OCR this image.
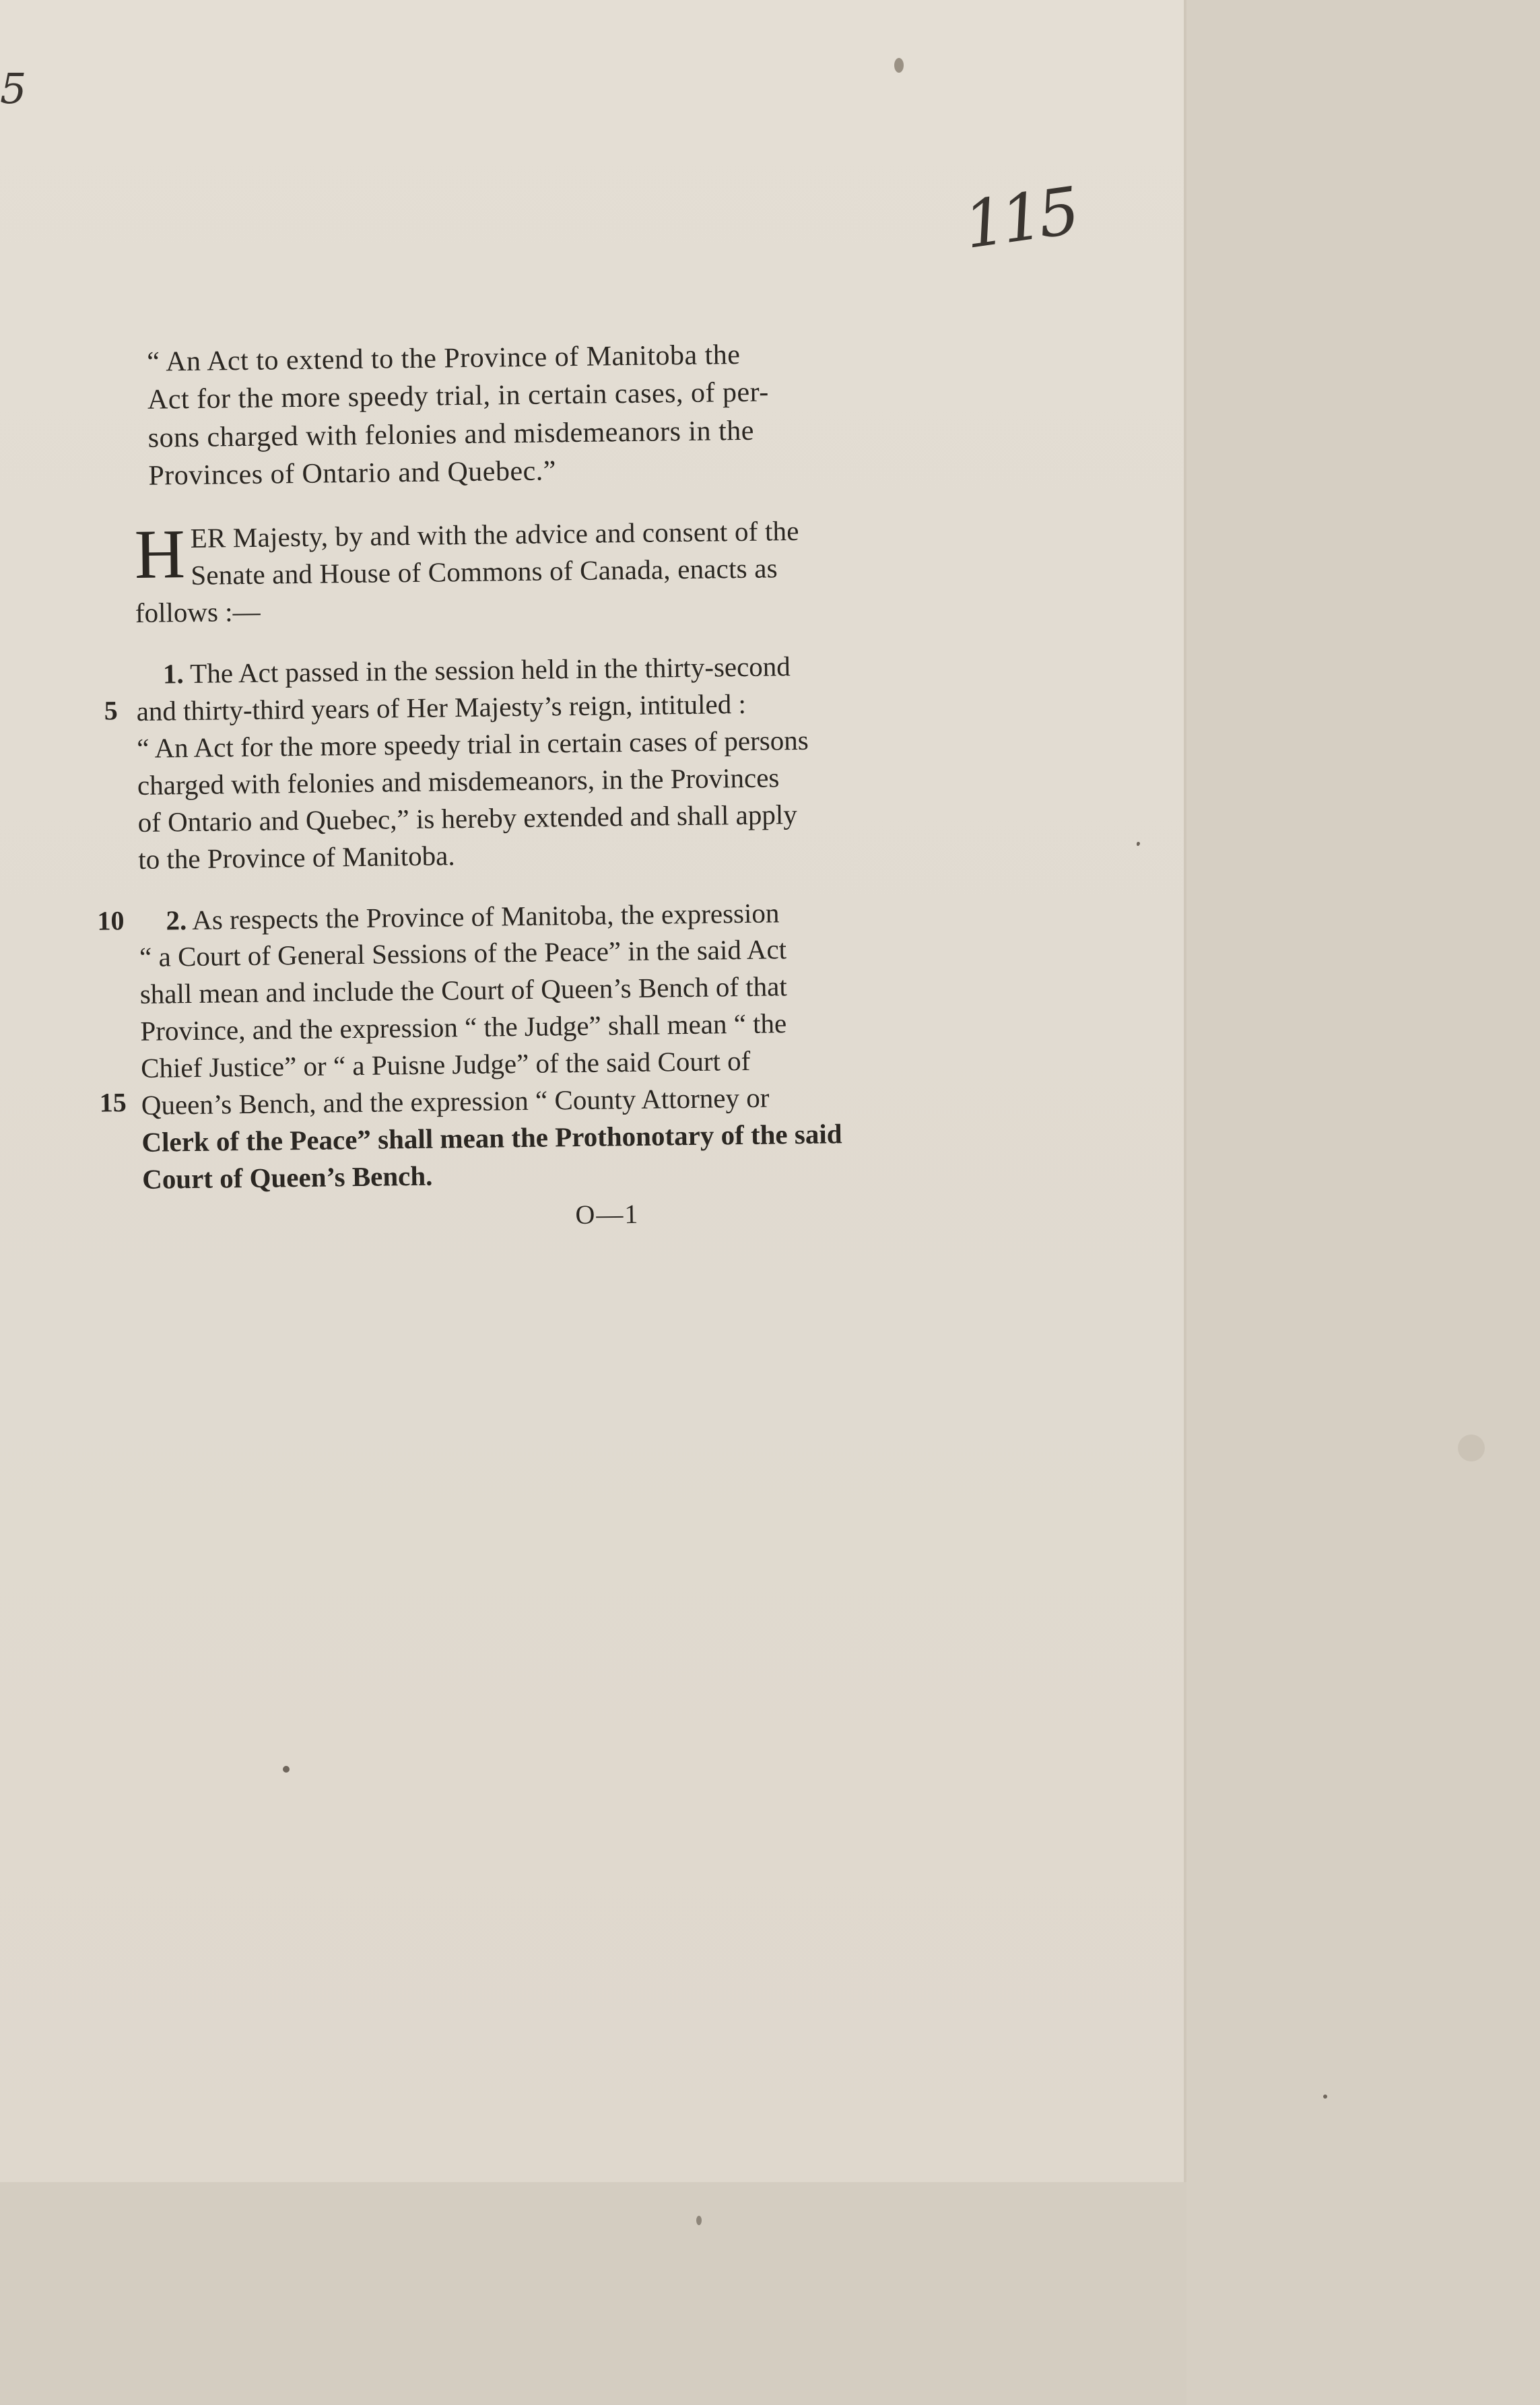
5
115
“ An Act to extend to the Province of Manitoba the
Act for the more speedy trial, in certain cases, of per-
sons charged with felonies and misdemeanors in the
Provinces of Ontario and Quebec.”
H ER Majesty, by and with the advice and consent of the
Senate and House of Commons of Canada, enacts as
follows :—
5
1. The Act passed in the session held in the thirty-second
and thirty-third years of Her Majesty’s reign, intituled :
“ An Act for the more speedy trial in certain cases of persons
charged with felonies and misdemeanors, in the Provinces
of Ontario and Quebec,” is hereby extended and shall apply
to the Province of Manitoba.
10
15
2. As respects the Province of Manitoba, the expression
“ a Court of General Sessions of the Peace” in the said Act
shall mean and include the Court of Queen’s Bench of that
Province, and the expression “ the Judge” shall mean “ the
Chief Justice” or “ a Puisne Judge” of the said Court of
Queen’s Bench, and the expression “ County Attorney or
Clerk of the Peace” shall mean the Prothonotary of the said
Court of Queen’s Bench.
O—1
